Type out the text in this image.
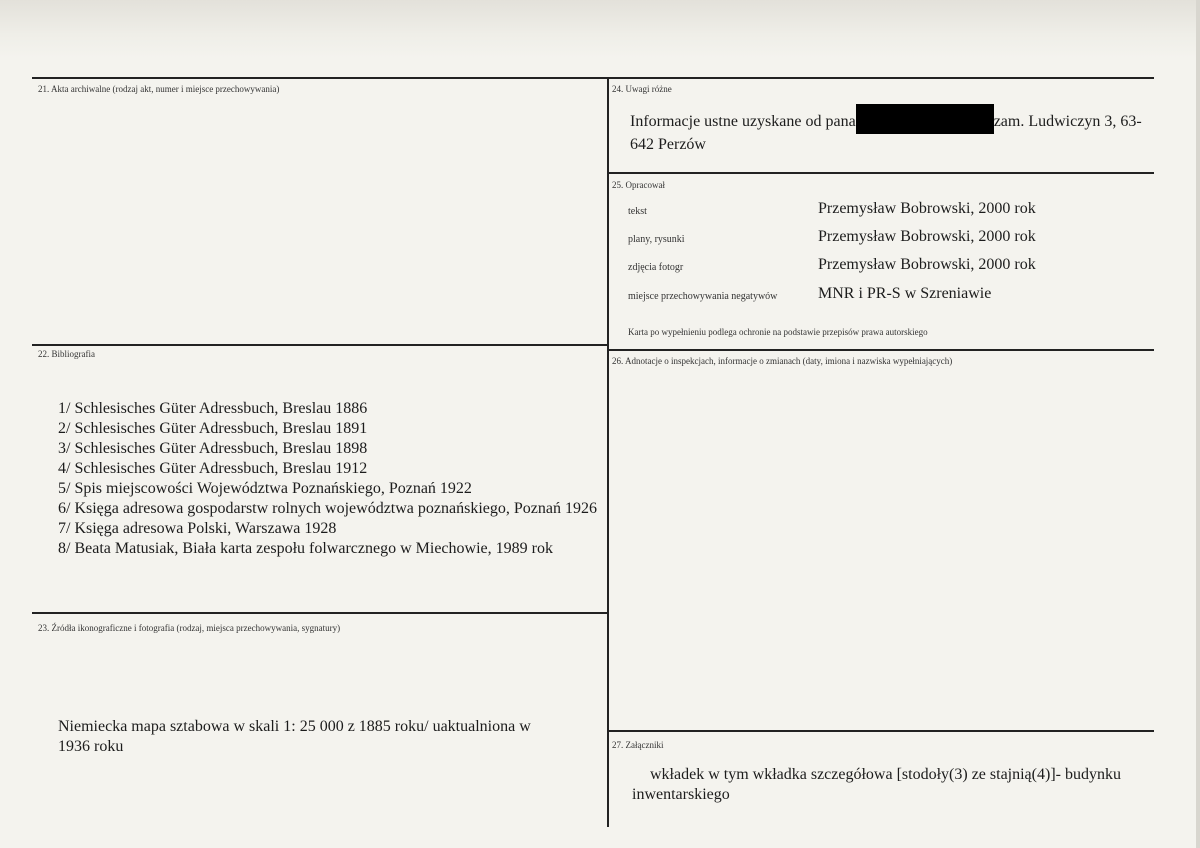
21. Akta archiwalne (rodzaj akt, numer i miejsce przechowywania)	24. Uwagi różne
Informacje ustne uzyskane od pana	zam. Ludwiczyn 3, 63-642 Perzów
25. Opracował
tekst	Przemysław Bobrowski, 2000 rok
plany, rysunki	Przemysław Bobrowski, 2000 rok
zdjęcia fotogr	Przemysław Bobrowski, 2000 rok
miejsce przechowywania negatywów	MNR i PR-S w Szreniawie
Karta po wypełnieniu podlega ochronie na podstawie przepisów prawa autorskiego
22. Bibliografia
1/ Schlesisches Güter Adressbuch, Breslau 1886
2/ Schlesisches Güter Adressbuch, Breslau 1891
3/ Schlesisches Güter Adressbuch, Breslau 1898
4/ Schlesisches Güter Adressbuch, Breslau 1912
5/ Spis miejscowości Województwa Poznańskiego, Poznań 1922
6/ Księga adresowa gospodarstw rolnych województwa poznańskiego, Poznań 1926
7/ Księga adresowa Polski, Warszawa 1928
8/ Beata Matusiak, Biała karta zespołu folwarcznego w Miechowie, 1989 rok
26. Adnotacje o inspekcjach, informacje o zmianach (daty, imiona i nazwiska wypełniających)
23. Źródła ikonograficzne i fotografia (rodzaj, miejsca przechowywania, sygnatury)
Niemiecka mapa sztabowa w skali 1: 25 000 z 1885 roku/ uaktualniona w 1936 roku	27. Załączniki
wkładek w tym wkładka szczegółowa [stodoły(3) ze stajnią(4)]- budynku inwentarskiego
